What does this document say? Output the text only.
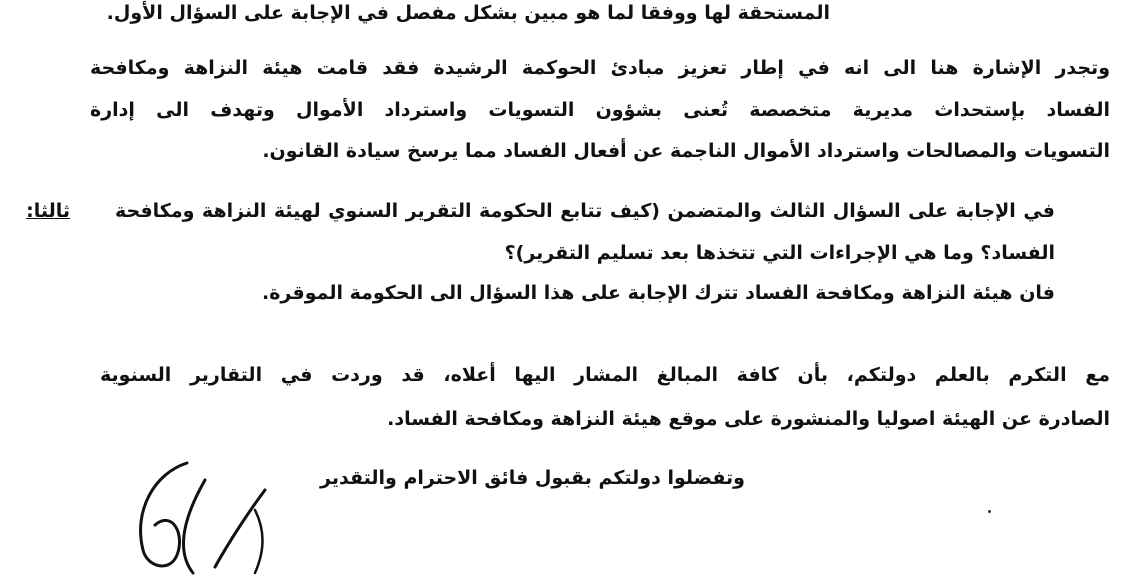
المستحقة لها ووفقا لما هو مبين بشكل مفصل في الإجابة على السؤال الأول.
وتجدر الإشارة هنا الى انه في إطار تعزيز مبادئ الحوكمة الرشيدة فقد قامت هيئة النزاهة ومكافحة
الفساد بإستحداث مديرية متخصصة تُعنى بشؤون التسويات واسترداد الأموال وتهدف الى إدارة
التسويات والمصالحات واسترداد الأموال الناجمة عن أفعال الفساد مما يرسخ سيادة القانون.
ثالثا: في الإجابة على السؤال الثالث والمتضمن (كيف تتابع الحكومة التقرير السنوي لهيئة النزاهة ومكافحة
الفساد؟ وما هي الإجراءات التي تتخذها بعد تسليم التقرير)؟
فان هيئة النزاهة ومكافحة الفساد تترك الإجابة على هذا السؤال الى الحكومة الموقرة.
مع التكرم بالعلم دولتكم، بأن كافة المبالغ المشار اليها أعلاه، قد وردت في التقارير السنوية
الصادرة عن الهيئة اصوليا والمنشورة على موقع هيئة النزاهة ومكافحة الفساد.
وتفضلوا دولتكم بقبول فائق الاحترام والتقدير
